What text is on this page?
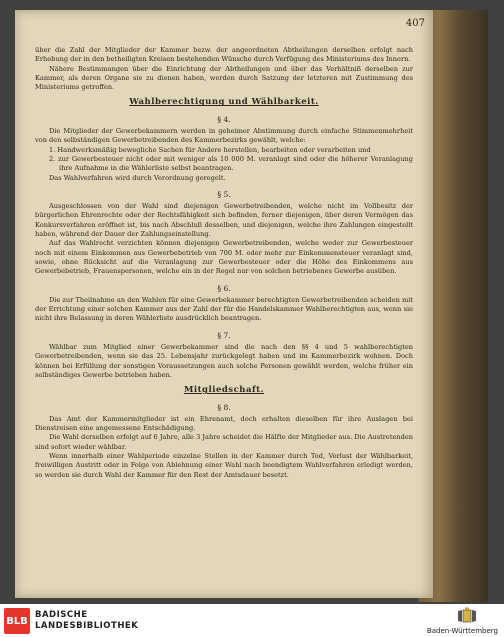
407

über die Zahl der Mitglieder der Kammer bezw. der angeordneten Abtheilungen derselben erfolgt nach Erhebung der in den betheiligten Kreisen bestehenden Wünsche durch Verfügung des Ministeriums des Innern.

Nähere Bestimmungen über die Einrichtung der Abtheilungen und über das Verhältniß derselben zur Kammer, als deren Organe sie zu dienen haben, werden durch Satzung der letzteren mit Zustimmung des Ministeriums getroffen.

Wahlberechtigung und Wählbarkeit.
§ 4.

Die Mitglieder der Gewerbekammern werden in geheimer Abstimmung durch einfache Stimmenmehrheit von den selbständigen Gewerbetreibenden des Kammerbezirks gewählt, welche:

1. Handwerksmäßig bewegliche Sachen für Andere herstellen, bearbeiten oder verarbeiten und

2. zur Gewerbesteuer nicht oder mit weniger als 10 000 M. veranlagt sind oder die höherer Veranlagung ihre Aufnahme in die Wählerliste selbst beantragen.

Das Wahlverfahren wird durch Verordnung geregelt.

§ 5.

Ausgeschlossen von der Wahl sind diejenigen Gewerbetreibenden, welche nicht im Vollbesitz der bürgerlichen Ehrenrechte oder der Rechtsfähigkeit sich befinden, ferner diejenigen, über deren Vermögen das Konkursverfahren eröffnet ist, bis nach Abschluß desselben, und diejenigen, welche ihre Zahlungen eingestellt haben, während der Dauer der Zahlungseinstellung.

Auf das Wahlrecht verzichten können diejenigen Gewerbetreibenden, welche weder zur Gewerbesteuer noch mit einem Einkommen aus Gewerbebetrieb von 700 M. oder mehr zur Einkommensteuer veranlagt sind, sowie, ohne Rücksicht auf die Veranlagung zur Gewerbesteuer oder die Höhe des Einkommens aus Gewerbebetrieb, Frauenspersonen, welche ein in der Regel nur von solchen betriebenes Gewerbe ausüben.

§ 6.

Die zur Theilnahme an den Wahlen für eine Gewerbekammer berechtigten Gewerbetreibenden scheiden mit der Errichtung einer solchen Kammer aus der Zahl der für die Handelskammer Wahlberechtigten aus, wenn sie nicht ihre Belassung in deren Wählerliste ausdrücklich beantragen.

§ 7.

Wählbar zum Mitglied einer Gewerbekammer sind die nach den §§ 4 und 5 wahlberechtigten Gewerbetreibenden, wenn sie das 25. Lebensjahr zurückgelegt haben und im Kammerbezirk wohnen. Doch können bei Erfüllung der sonstigen Voraussetzungen auch solche Personen gewählt werden, welche früher ein selbständiges Gewerbe betrieben haben.

Mitgliedschaft.
§ 8.

Das Amt der Kammermitglieder ist ein Ehrenamt, doch erhalten dieselben für ihre Auslagen bei Dienstreisen eine angemessene Entschädigung.

Die Wahl derselben erfolgt auf 6 Jahre, alle 3 Jahre scheidet die Hälfte der Mitglieder aus. Die Austretenden sind sofort wieder wählbar.

Wenn innerhalb einer Wahlperiode einzelne Stellen in der Kammer durch Tod, Verlust der Wählbarkeit, freiwilligen Austritt oder in Folge von Ablehnung einer Wahl nach beendigtem Wahlverfahren erledigt werden, so werden sie durch Wahl der Kammer für den Rest der Amtsdauer besetzt.

BLB
BADISCHE
LANDESBIBLIOTHEK
Baden-Württemberg
